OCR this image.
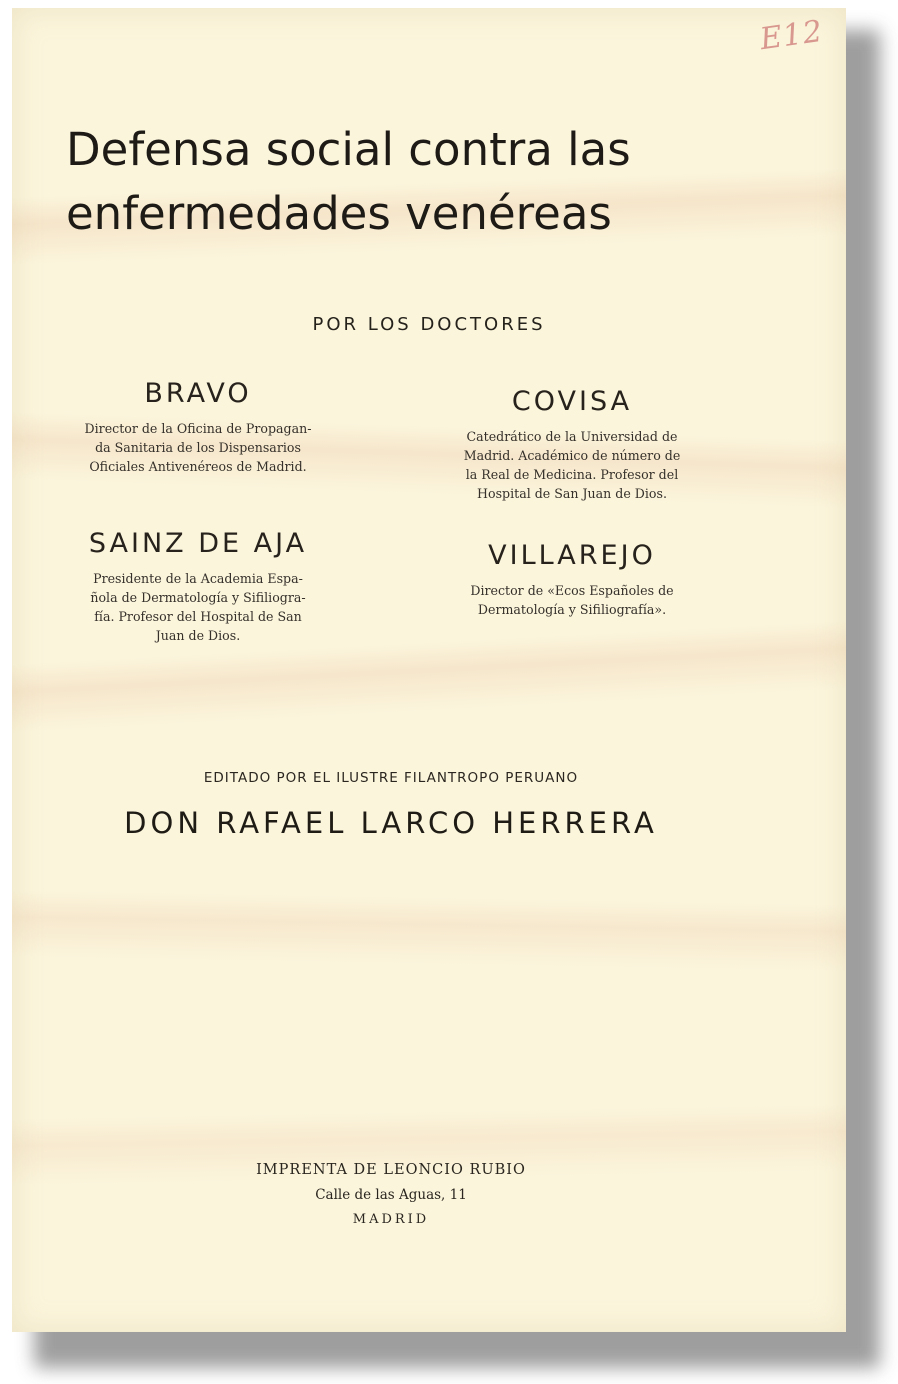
E12
Defensa social contra las
enfermedades venéreas
POR LOS DOCTORES
BRAVO
Director de la Oficina de Propagan-
da Sanitaria de los Dispensarios
Oficiales Antivenéreos de Madrid.
COVISA
Catedrático de la Universidad de
Madrid. Académico de número de
la Real de Medicina. Profesor del
Hospital de San Juan de Dios.
SAINZ DE AJA
Presidente de la Academia Espa-
ñola de Dermatología y Sifiliogra-
fía. Profesor del Hospital de San
Juan de Dios.
VILLAREJO
Director de «Ecos Españoles de
Dermatología y Sifiliografía».
EDITADO POR EL ILUSTRE FILANTROPO PERUANO
DON RAFAEL LARCO HERRERA
IMPRENTA DE LEONCIO RUBIO
Calle de las Aguas, 11
MADRID
